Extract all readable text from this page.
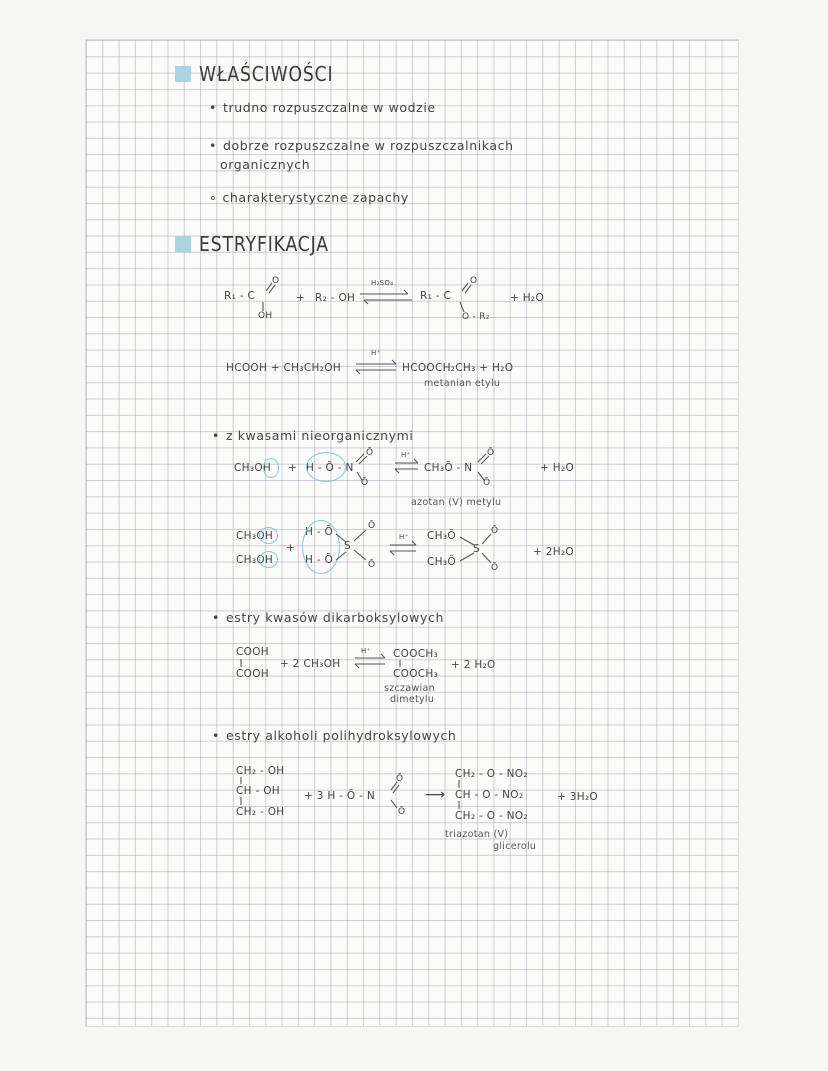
WŁAŚCIWOŚCI
• trudno rozpuszczalne w wodzie
• dobrze rozpuszczalne w rozpuszczalnikach
organicznych
∘ charakterystyczne zapachy
ESTRYFIKACJA
R₁ - C
O
OH
+ R₂ - OH
H₂SO₄
R₁ - C
O
O - R₂
+ H₂O
HCOOH + CH₃CH₂OH
H⁺
HCOOCH₂CH₃ + H₂O
metanian etylu
• z kwasami nieorganicznymi
CH₃OH + H - Ō - N
Ō
Ō
H⁺
CH₃Ō - N
Ō
Ō
+ H₂O
azotan (V) metylu
CH₃OH
CH₃OH
+
H - Ō
H - Ō
S
Ō
Ō
H⁺ CH₃Ō
CH₃Ō
S
Ō
Ō
+ 2H₂O
• estry kwasów dikarboksylowych
COOH
COOH
+ 2 CH₃OH
H⁺ COOCH₃
COOCH₃
+ 2 H₂O
szczawian
dimetylu
• estry alkoholi polihydroksylowych
CH₂ - OH
CH - OH
CH₂ - OH
+ 3 H - Ō - N
Ō
Ō
⟶
CH₂ - O - NO₂
CH - O - NO₂
CH₂ - O - NO₂
+ 3H₂O
triazotan (V)
glicerolu
